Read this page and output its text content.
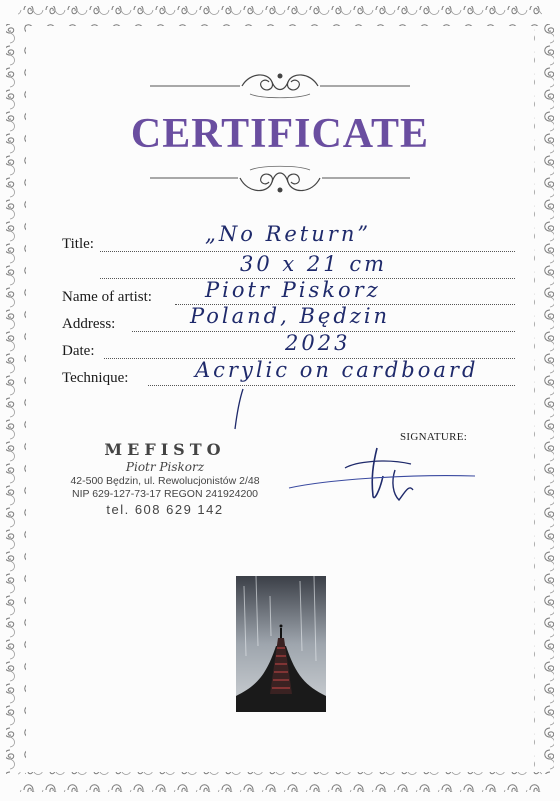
CERTIFICATE
Title:	„No Return”
30 x 21 cm
Name of artist:	Piotr Piskorz
Address:	Poland, Będzin
Date:	2023
Technique:	Acrylic on cardboard
SIGNATURE:
MEFISTO
Piotr Piskorz
42-500 Będzin, ul. Rewolucjonistów 2/48
NIP 629-127-73-17 REGON 241924200
tel. 608 629 142
